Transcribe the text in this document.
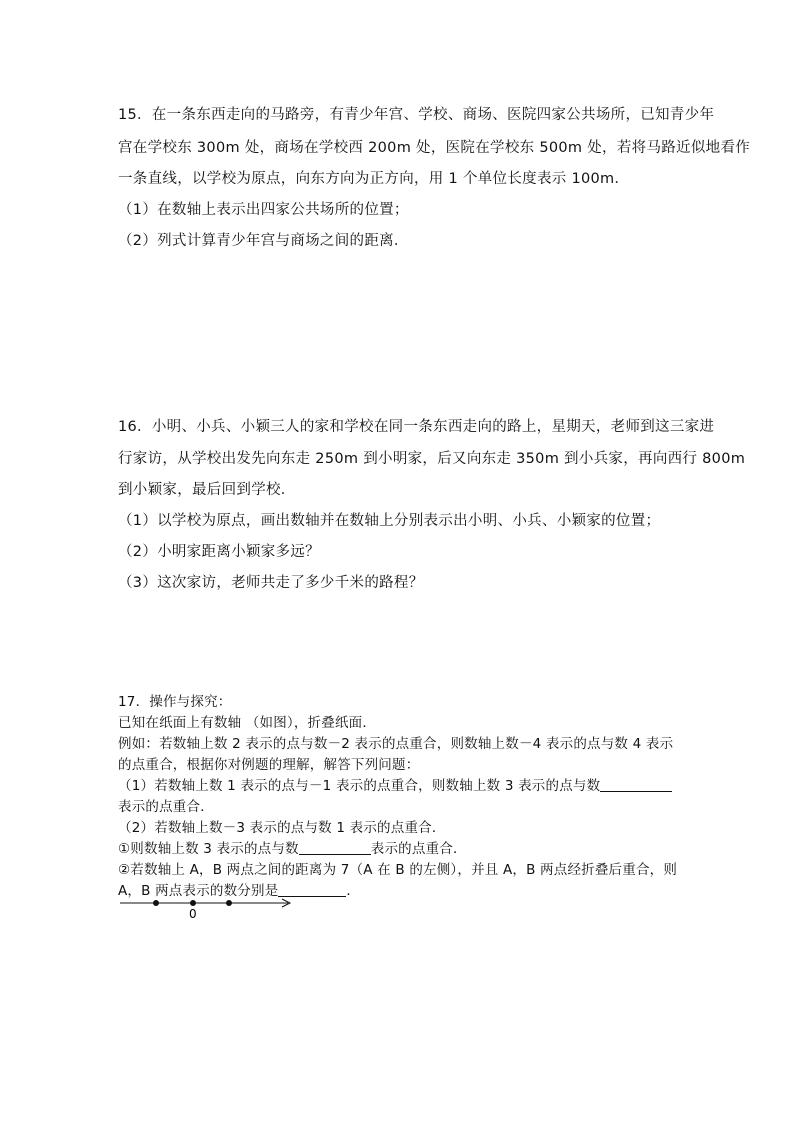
15．在一条东西走向的马路旁，有青少年宫、学校、商场、医院四家公共场所，已知青少年
宫在学校东 300m 处，商场在学校西 200m 处，医院在学校东 500m 处，若将马路近似地看作
一条直线，以学校为原点，向东方向为正方向，用 1 个单位长度表示 100m．
（1）在数轴上表示出四家公共场所的位置；
（2）列式计算青少年宫与商场之间的距离．
16．小明、小兵、小颖三人的家和学校在同一条东西走向的路上，星期天，老师到这三家进
行家访，从学校出发先向东走 250m 到小明家，后又向东走 350m 到小兵家，再向西行 800m
到小颖家，最后回到学校．
（1）以学校为原点，画出数轴并在数轴上分别表示出小明、小兵、小颖家的位置；
（2）小明家距离小颖家多远？
（3）这次家访，老师共走了多少千米的路程？
17．操作与探究：
已知在纸面上有数轴 （如图），折叠纸面．
例如：若数轴上数 2 表示的点与数－2 表示的点重合，则数轴上数－4 表示的点与数 4 表示
的点重合，根据你对例题的理解，解答下列问题：
（1）若数轴上数 1 表示的点与－1 表示的点重合，则数轴上数 3 表示的点与数
表示的点重合．
（2）若数轴上数－3 表示的点与数 1 表示的点重合．
①则数轴上数 3 表示的点与数	表示的点重合．
②若数轴上 A，B 两点之间的距离为 7（A 在 B 的左侧），并且 A，B 两点经折叠后重合，则
A，B 两点表示的数分别是	．
0
